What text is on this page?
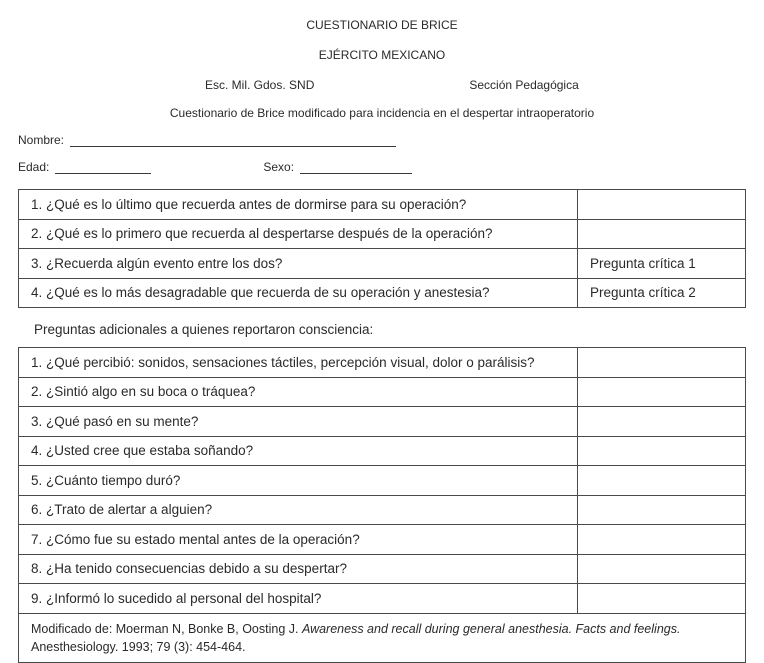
CUESTIONARIO DE BRICE
EJÉRCITO MEXICANO
Esc. Mil. Gdos. SND	Sección Pedagógica
Cuestionario de Brice modificado para incidencia en el despertar intraoperatorio
Nombre:
Edad:	Sexo:
1. ¿Qué es lo último que recuerda antes de dormirse para su operación?
2. ¿Qué es lo primero que recuerda al despertarse después de la operación?
3. ¿Recuerda algún evento entre los dos?	Pregunta crítica 1
4. ¿Qué es lo más desagradable que recuerda de su operación y anestesia?	Pregunta crítica 2
Preguntas adicionales a quienes reportaron consciencia:
1. ¿Qué percibió: sonidos, sensaciones táctiles, percepción visual, dolor o parálisis?
2. ¿Sintió algo en su boca o tráquea?
3. ¿Qué pasó en su mente?
4. ¿Usted cree que estaba soñando?
5. ¿Cuánto tiempo duró?
6. ¿Trato de alertar a alguien?
7. ¿Cómo fue su estado mental antes de la operación?
8. ¿Ha tenido consecuencias debido a su despertar?
9. ¿Informó lo sucedido al personal del hospital?
Modificado de: Moerman N, Bonke B, Oosting J. Awareness and recall during general anesthesia. Facts and feelings. Anesthesiology. 1993; 79 (3): 454-464.
